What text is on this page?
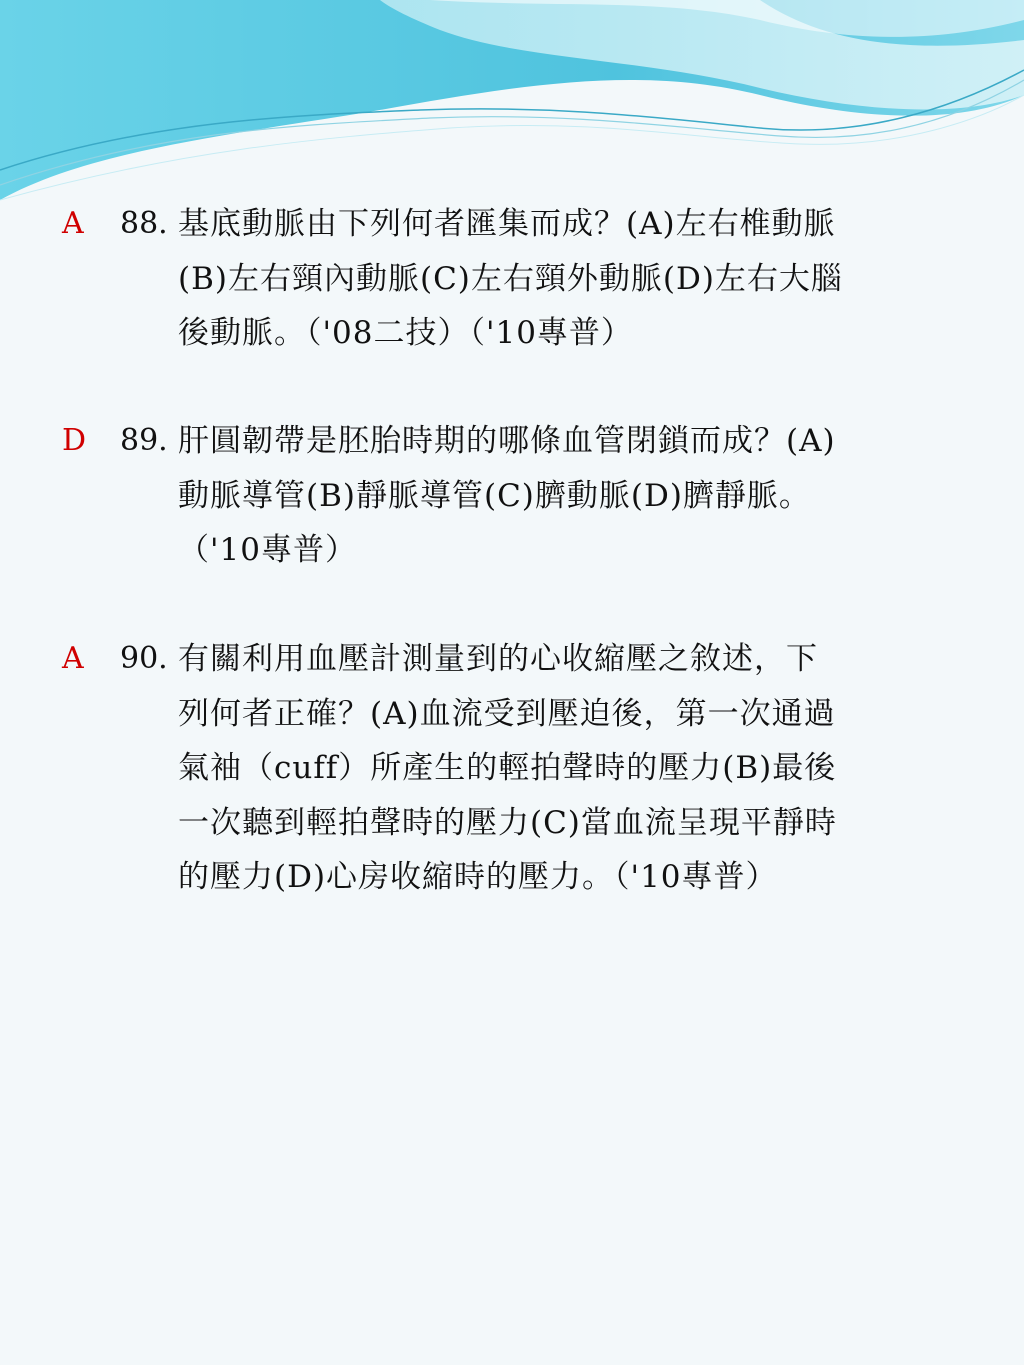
A 88. 基底動脈由下列何者匯集而成？(A)左右椎動脈
(B)左右頸內動脈(C)左右頸外動脈(D)左右大腦
後動脈。（'08二技）（'10專普）
D 89. 肝圓韌帶是胚胎時期的哪條血管閉鎖而成？(A)
動脈導管(B)靜脈導管(C)臍動脈(D)臍靜脈。
（'10專普）
A 90. 有關利用血壓計測量到的心收縮壓之敘述，下
列何者正確？(A)血流受到壓迫後，第一次通過
氣袖（cuff）所產生的輕拍聲時的壓力(B)最後
一次聽到輕拍聲時的壓力(C)當血流呈現平靜時
的壓力(D)心房收縮時的壓力。（'10專普）
